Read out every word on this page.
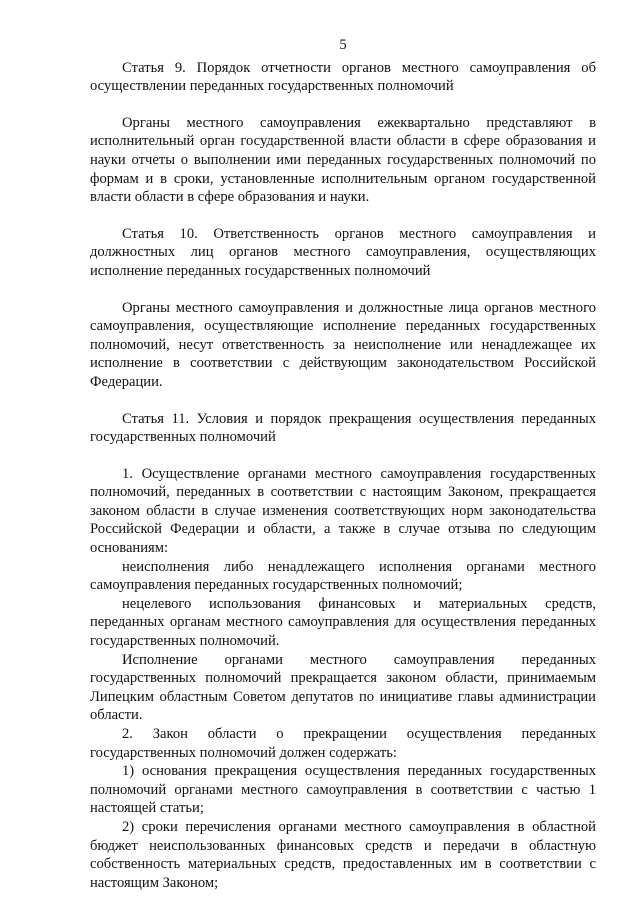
5

Статья 9. Порядок отчетности органов местного самоуправления об осуществлении переданных государственных полномочий

Органы местного самоуправления ежеквартально представляют в исполнительный орган государственной власти области в сфере образования и науки отчеты о выполнении ими переданных государственных полномочий по формам и в сроки, установленные исполнительным органом государственной власти области в сфере образования и науки.

Статья 10. Ответственность органов местного самоуправления и должностных лиц органов местного самоуправления, осуществляющих исполнение переданных государственных полномочий

Органы местного самоуправления и должностные лица органов местного самоуправления, осуществляющие исполнение переданных государственных полномочий, несут ответственность за неисполнение или ненадлежащее их исполнение в соответствии с действующим законодательством Российской Федерации.

Статья 11. Условия и порядок прекращения осуществления переданных государственных полномочий

1. Осуществление органами местного самоуправления государственных полномочий, переданных в соответствии с настоящим Законом, прекращается законом области в случае изменения соответствующих норм законодательства Российской Федерации и области, а также в случае отзыва по следующим основаниям:

неисполнения либо ненадлежащего исполнения органами местного самоуправления переданных государственных полномочий;

нецелевого использования финансовых и материальных средств, переданных органам местного самоуправления для осуществления переданных государственных полномочий.

Исполнение органами местного самоуправления переданных государственных полномочий прекращается законом области, принимаемым Липецким областным Советом депутатов по инициативе главы администрации области.

2. Закон области о прекращении осуществления переданных государственных полномочий должен содержать:

1) основания прекращения осуществления переданных государственных полномочий органами местного самоуправления в соответствии с частью 1 настоящей статьи;

2) сроки перечисления органами местного самоуправления в областной бюджет неиспользованных финансовых средств и передачи в областную собственность материальных средств, предоставленных им в соответствии с настоящим Законом;
